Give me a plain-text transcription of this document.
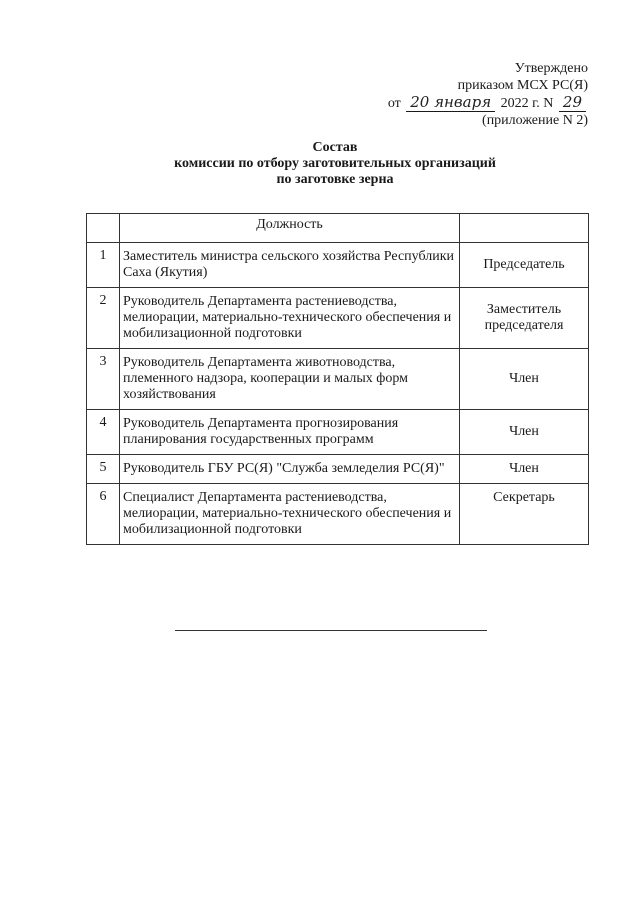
Утверждено
приказом МСХ РС(Я)
от 20 января 2022 г. N 29
(приложение N 2)
Состав
комиссии по отбору заготовительных организаций
по заготовке зерна
	Должность	
1	Заместитель министра сельского хозяйства Республики Саха (Якутия)	Председатель
2	Руководитель Департамента растениеводства, мелиорации, материально-технического обеспечения и мобилизационной подготовки	Заместитель председателя
3	Руководитель Департамента животноводства, племенного надзора, кооперации и малых форм хозяйствования	Член
4	Руководитель Департамента прогнозирования планирования государственных программ	Член
5	Руководитель ГБУ РС(Я) "Служба земледелия РС(Я)"	Член
6	Специалист Департамента растениеводства, мелиорации, материально-технического обеспечения и мобилизационной подготовки	Секретарь
